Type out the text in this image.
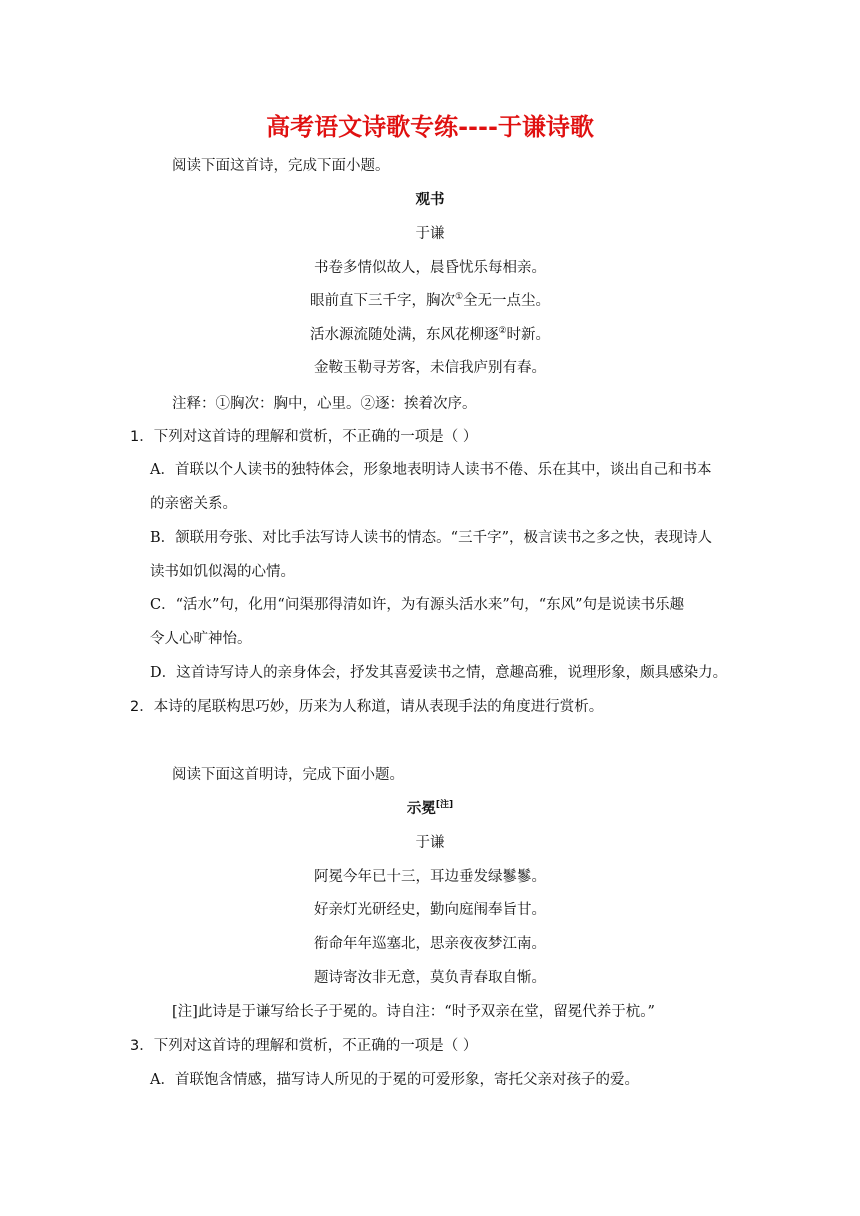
高考语文诗歌专练----于谦诗歌
阅读下面这首诗，完成下面小题。
观书
于谦
书卷多情似故人，晨昏忧乐每相亲。
眼前直下三千字，胸次①全无一点尘。
活水源流随处满，东风花柳逐②时新。
金鞍玉勒寻芳客，未信我庐别有春。
注释：①胸次：胸中，心里。②逐：挨着次序。
1．下列对这首诗的理解和赏析，不正确的一项是（ ）
A．首联以个人读书的独特体会，形象地表明诗人读书不倦、乐在其中，谈出自己和书本
的亲密关系。
B．颔联用夸张、对比手法写诗人读书的情态。“三千字”，极言读书之多之快，表现诗人
读书如饥似渴的心情。
C．“活水”句，化用“问渠那得清如许，为有源头活水来”句，“东风”句是说读书乐趣
令人心旷神怡。
D．这首诗写诗人的亲身体会，抒发其喜爱读书之情，意趣高雅，说理形象，颇具感染力。
2．本诗的尾联构思巧妙，历来为人称道，请从表现手法的角度进行赏析。
阅读下面这首明诗，完成下面小题。
示冕[注]
于谦
阿冕今年已十三，耳边垂发绿鬖鬖。
好亲灯光研经史，勤向庭闱奉旨甘。
衔命年年巡塞北，思亲夜夜梦江南。
题诗寄汝非无意，莫负青春取自惭。
[注]此诗是于谦写给长子于冕的。诗自注：“时予双亲在堂，留冕代养于杭。”
3．下列对这首诗的理解和赏析，不正确的一项是（ ）
A．首联饱含情感，描写诗人所见的于冕的可爱形象，寄托父亲对孩子的爱。
